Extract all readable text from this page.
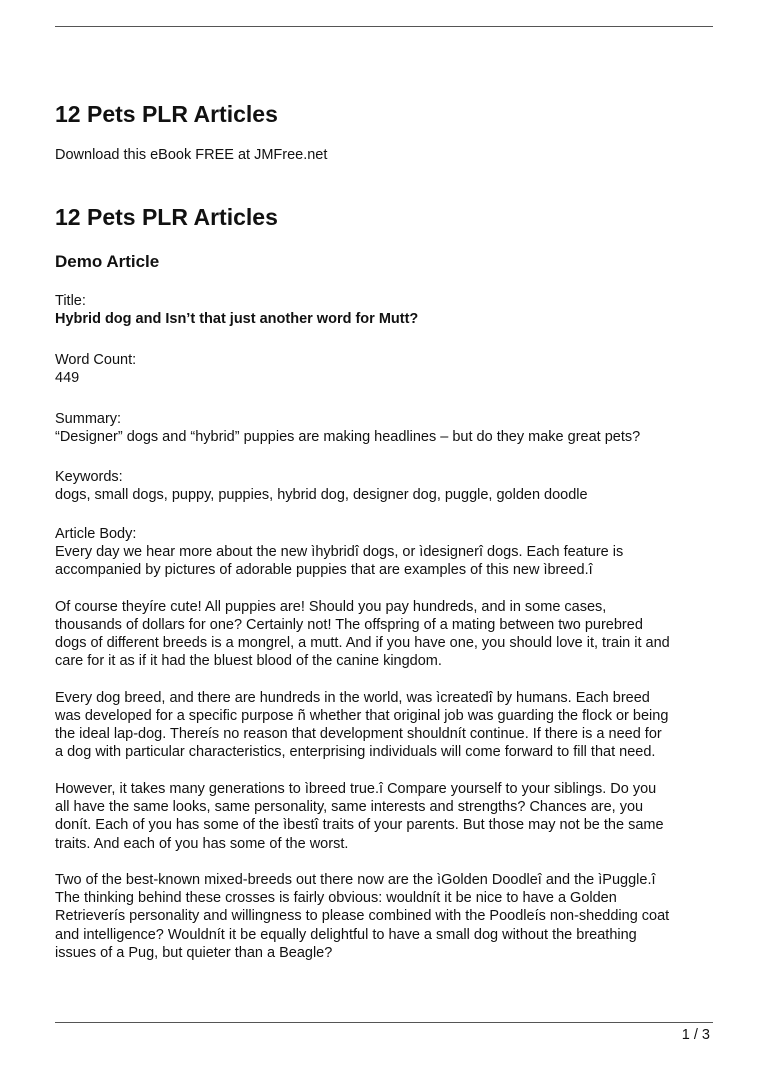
12 Pets PLR Articles
Download this eBook FREE at JMFree.net
12 Pets PLR Articles
Demo Article
Title:
Hybrid dog and Isn’t that just another word for Mutt?
Word Count:
449
Summary:
“Designer” dogs and “hybrid” puppies are making headlines – but do they make great pets?
Keywords:
dogs, small dogs, puppy, puppies, hybrid dog, designer dog, puggle, golden doodle
Article Body:

Every day we hear more about the new ìhybridî dogs, or ìdesignerî dogs. Each feature is
accompanied by pictures of adorable puppies that are examples of this new ìbreed.î

Of course theyíre cute! All puppies are! Should you pay hundreds, and in some cases,
thousands of dollars for one? Certainly not! The offspring of a mating between two purebred
dogs of different breeds is a mongrel, a mutt. And if you have one, you should love it, train it and
care for it as if it had the bluest blood of the canine kingdom.

Every dog breed, and there are hundreds in the world, was ìcreatedî by humans. Each breed
was developed for a specific purpose ñ whether that original job was guarding the flock or being
the ideal lap-dog. Thereís no reason that development shouldnít continue. If there is a need for
a dog with particular characteristics, enterprising individuals will come forward to fill that need.

However, it takes many generations to ìbreed true.î Compare yourself to your siblings. Do you
all have the same looks, same personality, same interests and strengths? Chances are, you
donít. Each of you has some of the ìbestî traits of your parents. But those may not be the same
traits. And each of you has some of the worst.

Two of the best-known mixed-breeds out there now are the ìGolden Doodleî and the ìPuggle.î
The thinking behind these crosses is fairly obvious: wouldnít it be nice to have a Golden
Retrieverís personality and willingness to please combined with the Poodleís non-shedding coat
and intelligence? Wouldnít it be equally delightful to have a small dog without the breathing
issues of a Pug, but quieter than a Beagle?

1 / 3
